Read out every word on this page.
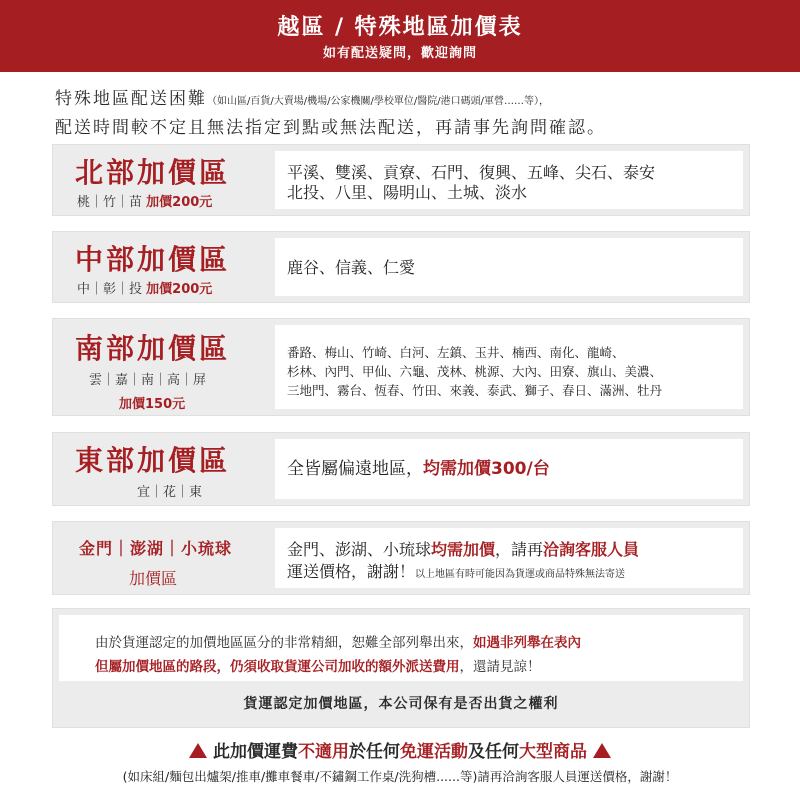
越區 / 特殊地區加價表
如有配送疑問，歡迎詢問
特殊地區配送困難（如山區/百貨/大賣場/機場/公家機關/學校單位/醫院/港口碼頭/軍營……等），
配送時間較不定且無法指定到點或無法配送，再請事先詢問確認。
北部加價區
桃｜竹｜苗 加價200元
平溪、雙溪、貢寮、石門、復興、五峰、尖石、泰安
北投、八里、陽明山、土城、淡水
中部加價區
中｜彰｜投 加價200元
鹿谷、信義、仁愛
南部加價區
雲｜嘉｜南｜高｜屏
加價150元
番路、梅山、竹崎、白河、左鎮、玉井、楠西、南化、龍崎、
杉林、內門、甲仙、六龜、茂林、桃源、大內、田寮、旗山、美濃、
三地門、霧台、恆春、竹田、來義、泰武、獅子、春日、滿洲、牡丹
東部加價區
宜｜花｜東
全皆屬偏遠地區，均需加價300/台
金門｜澎湖｜小琉球
加價區
金門、澎湖、小琉球均需加價，請再洽詢客服人員
運送價格，謝謝！以上地區有時可能因為貨運或商品特殊無法寄送
由於貨運認定的加價地區區分的非常精細，恕難全部列舉出來，如遇非列舉在表內
但屬加價地區的路段，仍須收取貨運公司加收的額外派送費用，還請見諒！
貨運認定加價地區，本公司保有是否出貨之權利
此加價運費不適用於任何免運活動及任何大型商品
(如床組/麵包出爐架/推車/攤車餐車/不鏽鋼工作桌/洗狗槽......等)請再洽詢客服人員運送價格，謝謝！
